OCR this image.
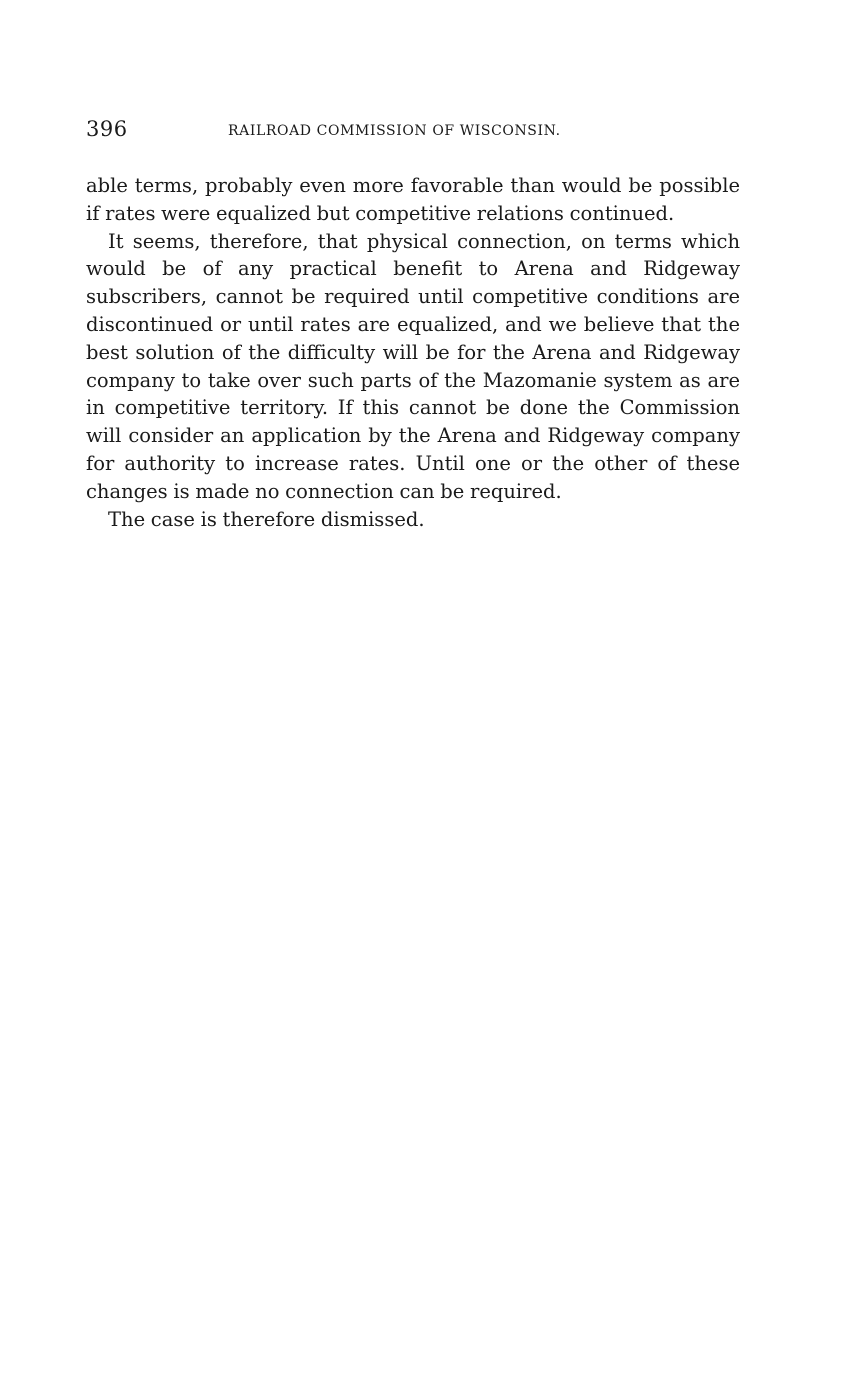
396	RAILROAD COMMISSION OF WISCONSIN.

able terms, probably even more favorable than would be possible if rates were equalized but competitive relations continued.

It seems, therefore, that physical connection, on terms which would be of any practical benefit to Arena and Ridgeway subscribers, cannot be required until competitive conditions are discontinued or until rates are equalized, and we believe that the best solution of the difficulty will be for the Arena and Ridgeway company to take over such parts of the Mazomanie system as are in competitive territory. If this cannot be done the Commission will consider an application by the Arena and Ridgeway company for authority to increase rates. Until one or the other of these changes is made no connection can be required.

The case is therefore dismissed.
